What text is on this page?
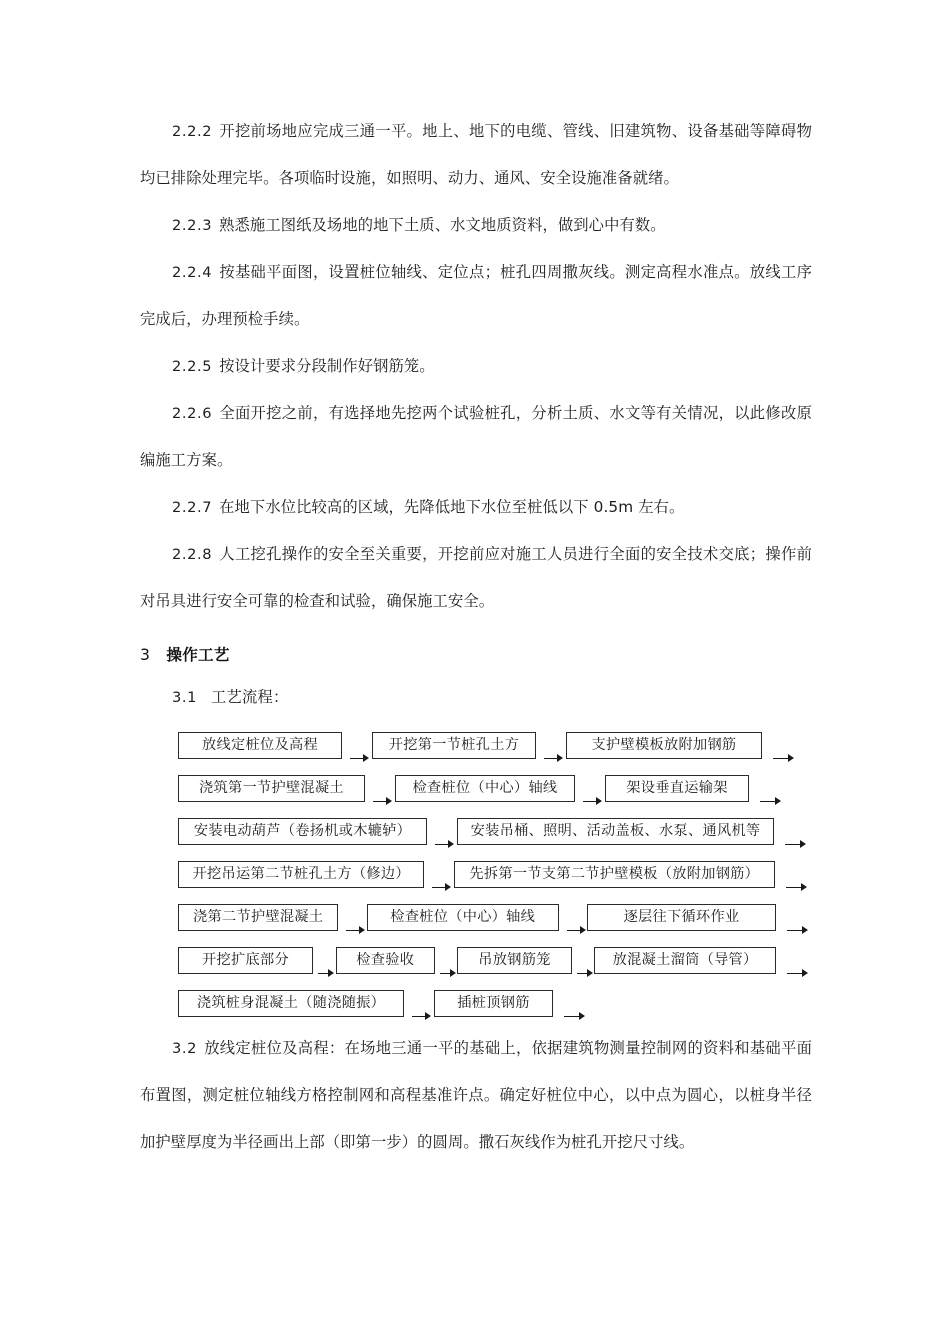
2.2.2 开挖前场地应完成三通一平。地上、地下的电缆、管线、旧建筑物、设备基础等障碍物均已排除处理完毕。各项临时设施，如照明、动力、通风、安全设施准备就绪。

2.2.3 熟悉施工图纸及场地的地下土质、水文地质资料，做到心中有数。

2.2.4 按基础平面图，设置桩位轴线、定位点；桩孔四周撒灰线。测定高程水准点。放线工序完成后，办理预检手续。

2.2.5 按设计要求分段制作好钢筋笼。

2.2.6 全面开挖之前，有选择地先挖两个试验桩孔，分析土质、水文等有关情况，以此修改原编施工方案。

2.2.7 在地下水位比较高的区域，先降低地下水位至桩低以下 0.5m 左右。

2.2.8 人工挖孔操作的安全至关重要，开挖前应对施工人员进行全面的安全技术交底；操作前对吊具进行安全可靠的检查和试验，确保施工安全。

3 操作工艺

3.1 工艺流程：

放线定桩位及高程	开挖第一节桩孔土方	支护壁模板放附加钢筋
浇筑第一节护壁混凝土	检查桩位（中心）轴线	架设垂直运输架
安装电动葫芦（卷扬机或木辘轳）	安装吊桶、照明、活动盖板、水泵、通风机等
开挖吊运第二节桩孔土方（修边）	先拆第一节支第二节护壁模板（放附加钢筋）
浇第二节护壁混凝土	检查桩位（中心）轴线	逐层往下循环作业
开挖扩底部分	检查验收	吊放钢筋笼	放混凝土溜筒（导管）
浇筑桩身混凝土（随浇随振）	插桩顶钢筋

3.2 放线定桩位及高程：在场地三通一平的基础上，依据建筑物测量控制网的资料和基础平面布置图，测定桩位轴线方格控制网和高程基准许点。确定好桩位中心，以中点为圆心，以桩身半径加护壁厚度为半径画出上部（即第一步）的圆周。撒石灰线作为桩孔开挖尺寸线。
